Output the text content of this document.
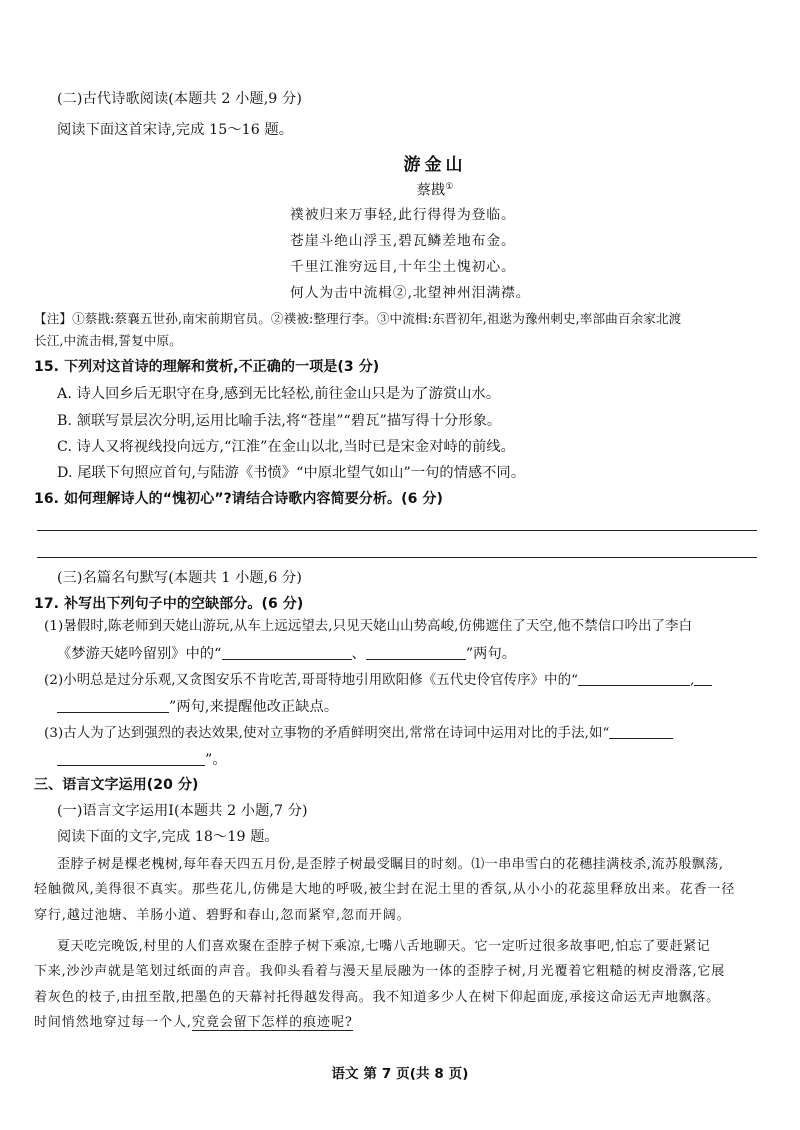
(二)古代诗歌阅读(本题共 2 小题,9 分)
阅读下面这首宋诗,完成 15～16 题。
游金山
蔡戡①
襆被归来万事轻,此行得得为登临。
苍崖斗绝山浮玉,碧瓦鳞差地布金。
千里江淮穷远目,十年尘土愧初心。
何人为击中流楫②,北望神州泪满襟。
【注】①蔡戡:蔡襄五世孙,南宋前期官员。②襆被:整理行李。③中流楫:东晋初年,祖逖为豫州刺史,率部曲百余家北渡
长江,中流击楫,誓复中原。
15. 下列对这首诗的理解和赏析,不正确的一项是(3 分)
A. 诗人回乡后无职守在身,感到无比轻松,前往金山只是为了游赏山水。
B. 颔联写景层次分明,运用比喻手法,将“苍崖”“碧瓦”描写得十分形象。
C. 诗人又将视线投向远方,“江淮”在金山以北,当时已是宋金对峙的前线。
D. 尾联下句照应首句,与陆游《书愤》“中原北望气如山”一句的情感不同。
16. 如何理解诗人的“愧初心”?请结合诗歌内容简要分析。(6 分)
(三)名篇名句默写(本题共 1 小题,6 分)
17. 补写出下列句子中的空缺部分。(6 分)
(1)暑假时,陈老师到天姥山游玩,从车上远远望去,只见天姥山山势高峻,仿佛遮住了天空,他不禁信口吟出了李白
《梦游天姥吟留别》中的“	、	”两句。
(2)小明总是过分乐观,又贪图安乐不肯吃苦,哥哥特地引用欧阳修《五代史伶官传序》中的“	,
”两句,来提醒他改正缺点。
(3)古人为了达到强烈的表达效果,使对立事物的矛盾鲜明突出,常常在诗词中运用对比的手法,如“
”。
三、语言文字运用(20 分)
(一)语言文字运用Ⅰ(本题共 2 小题,7 分)
阅读下面的文字,完成 18～19 题。
歪脖子树是棵老槐树,每年春天四五月份,是歪脖子树最受瞩目的时刻。⑴一串串雪白的花穗挂满枝杀,流苏般飘荡,
轻触微风,美得很不真实。那些花儿,仿佛是大地的呼吸,被尘封在泥土里的香氛,从小小的花蕊里释放出来。花香一径
穿行,越过池塘、羊肠小道、碧野和春山,忽而紧窄,忽而开阔。
夏天吃完晚饭,村里的人们喜欢聚在歪脖子树下乘凉,七嘴八舌地聊天。它一定听过很多故事吧,怕忘了要赶紧记
下来,沙沙声就是笔划过纸面的声音。我仰头看着与漫天星辰融为一体的歪脖子树,月光覆着它粗糙的树皮滑落,它展
着灰色的枝子,由扭至散,把墨色的天幕衬托得越发得高。我不知道多少人在树下仰起面庞,承接这命运无声地飘落。
时间悄然地穿过每一个人,究竟会留下怎样的痕迹呢?
语文 第 7 页(共 8 页)
